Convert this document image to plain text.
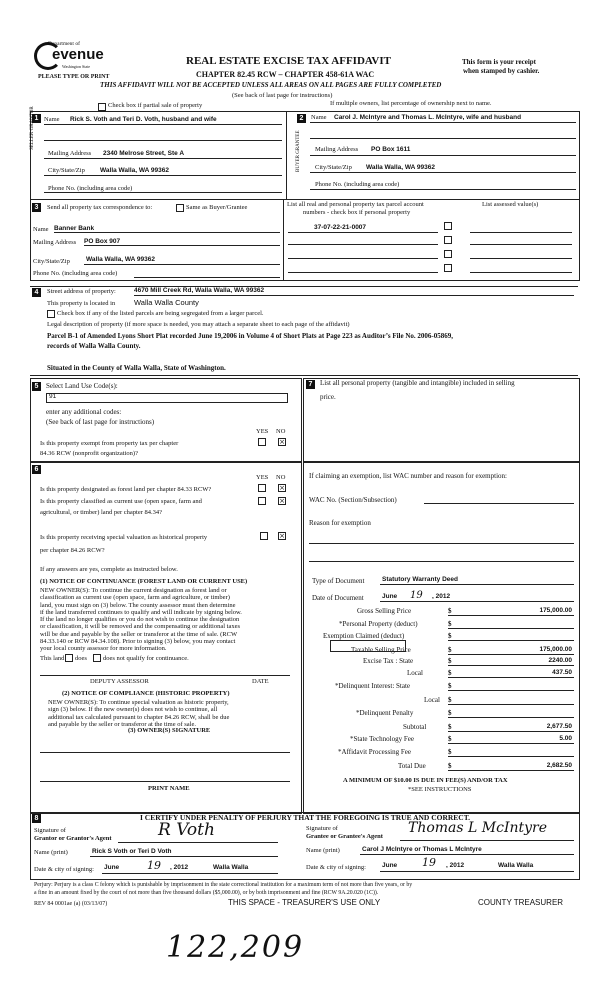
Department of
evenue
Washington State
PLEASE TYPE OR PRINT
REAL ESTATE EXCISE TAX AFFIDAVIT
CHAPTER 82.45 RCW – CHAPTER 458-61A WAC
THIS AFFIDAVIT WILL NOT BE ACCEPTED UNLESS ALL AREAS ON ALL PAGES ARE FULLY COMPLETED
This form is your receipt
when stamped by cashier.
(See back of last page for instructions)
Check box if partial sale of property	If multiple owners, list percentage of ownership next to name.
1	2
SELLER GRANTOR Name Rick S. Voth and Teri D. Voth, husband and wife
Mailing Address 2340 Melrose Street, Ste A
City/State/Zip Walla Walla, WA 99362
Phone No. (including area code)
BUYER GRANTEE
Name Carol J. McIntyre and Thomas L. McIntyre, wife and husband
Mailing Address PO Box 1611
City/State/Zip Walla Walla, WA 99362
Phone No. (including area code)
3	Send all property tax correspondence to:	Same as Buyer/Grantee
Name Banner Bank
Mailing Address PO Box 907
City/State/Zip Walla Walla, WA 99362
Phone No. (including area code)
List all real and personal property tax parcel account
numbers - check box if personal property
List assessed value(s)
37-07-22-21-0007
4	Street address of property:	4670 Mill Creek Rd, Walla Walla, WA 99362
This property is located in	Walla Walla County
Check box if any of the listed parcels are being segregated from a larger parcel.
Legal description of property (if more space is needed, you may attach a separate sheet to each page of the affidavit)
Parcel B-1 of Amended Lyons Short Plat recorded June 19,2006 in Volume 4 of Short Plats at Page 223 as Auditor’s File No. 2006-05869,
records of Walla Walla County.
Situated in the County of Walla Walla, State of Washington.
5	Select Land Use Code(s):
91
enter any additional codes:
(See back of last page for instructions)
YES NO
Is this property exempt from property tax per chapter
84.36 RCW (nonprofit organization)?
×
7	List all personal property (tangible and intangible) included in selling
price.
6
YES NO
Is this property designated as forest land per chapter 84.33 RCW?	×
Is this property classified as current use (open space, farm and
agricultural, or timber) land per chapter 84.34?
×
Is this property receiving special valuation as historical property
per chapter 84.26 RCW?
×
If any answers are yes, complete as instructed below.
(1) NOTICE OF CONTINUANCE (FOREST LAND OR CURRENT USE)
NEW OWNER(S): To continue the current designation as forest land or
classification as current use (open space, farm and agriculture, or timber)
land, you must sign on (3) below. The county assessor must then determine
if the land transferred continues to qualify and will indicate by signing below.
If the land no longer qualifies or you do not wish to continue the designation
or classification, it will be removed and the compensating or additional taxes
will be due and payable by the seller or transferor at the time of sale. (RCW
84.33.140 or RCW 84.34.108). Prior to signing (3) below, you may contact
your local county assessor for more information.
This land does does not qualify for continuance.
DEPUTY ASSESSOR	DATE
(2) NOTICE OF COMPLIANCE (HISTORIC PROPERTY)
NEW OWNER(S): To continue special valuation as historic property,
sign (3) below. If the new owner(s) does not wish to continue, all
additional tax calculated pursuant to chapter 84.26 RCW, shall be due
and payable by the seller or transferor at the time of sale.
(3) OWNER(S) SIGNATURE
PRINT NAME
If claiming an exemption, list WAC number and reason for exemption:
WAC No. (Section/Subsection)
Reason for exemption
Type of Document	Statutory Warranty Deed
Date of Document	June 19 , 2012
Gross Selling Price	$	175,000.00
*Personal Property (deduct)	$
Exemption Claimed (deduct)	$
Taxable Selling Price	$	175,000.00
Excise Tax : State	$	2240.00
Local	$	437.50
*Delinquent Interest: State	$
Local $
*Delinquent Penalty	$
Subtotal	$	2,677.50
*State Technology Fee	$	5.00
*Affidavit Processing Fee	$
Total Due	$	2,682.50
A MINIMUM OF $10.00 IS DUE IN FEE(S) AND/OR TAX
*SEE INSTRUCTIONS
8	I CERTIFY UNDER PENALTY OF PERJURY THAT THE FOREGOING IS TRUE AND CORRECT.
Signature of
Grantor or Grantor's Agent	R Voth
Name (print)	Rick S Voth or Teri D Voth
Date & city of signing: June	19 , 2012	Walla Walla
Signature of
Grantee or Grantee's Agent
Thomas L McIntyre
Name (print)	Carol J McIntyre or Thomas L McIntyre
Date & city of signing: June 19 , 2012	Walla Walla
Perjury: Perjury is a class C felony which is punishable by imprisonment in the state correctional institution for a maximum term of not more than five years, or by
a fine in an amount fixed by the court of not more than five thousand dollars ($5,000.00), or by both imprisonment and fine (RCW 9A.20.020 (1C)).
REV 84 0001ae (a) (03/13/07)	THIS SPACE - TREASURER'S USE ONLY	COUNTY TREASURER
122,209
